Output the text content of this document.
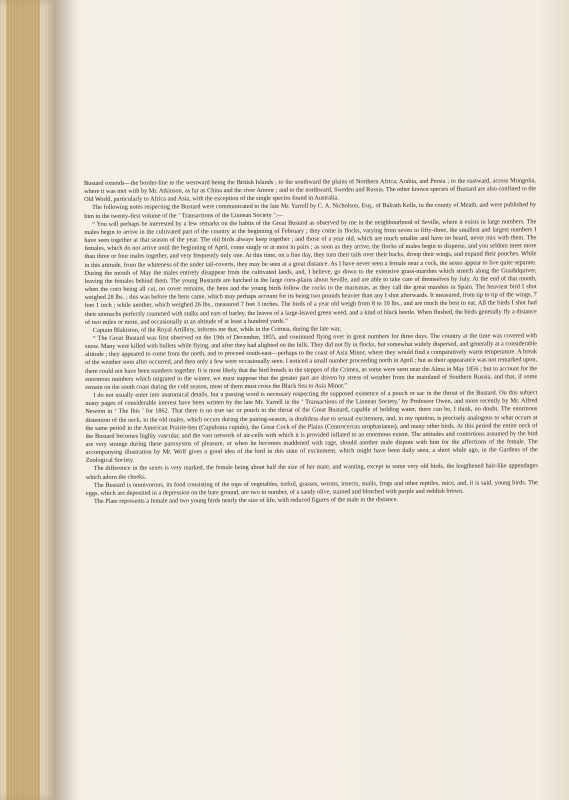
Bustard extends—the border-line to the westward being the British Islands ; to the southward the plains of Northern Africa, Arabia, and Persia ; to the eastward, across Mongolia, where it was met with by Mr. Atkinson, as far as China and the river Amoor ; and to the northward, Sweden and Russia. The other known species of Bustard are also confined to the Old World, particularly to Africa and Asia, with the exception of the single species found in Australia.

The following notes respecting the Bustard were communicated to the late Mr. Yarrell by C. A. Nicholson, Esq., of Balrath Kells, in the county of Meath, and were published by him in the twenty-first volume of the ‘ Transactions of the Linnean Society ’:—

“ You will perhaps be interested by a few remarks on the habits of the Great Bustard as observed by me in the neighbourhood of Seville, where it exists in large numbers. The males begin to arrive in the cultivated part of the country at the beginning of February ; they come in flocks, varying from seven to fifty-three, the smallest and largest numbers I have seen together at that season of the year. The old birds always keep together ; and those of a year old, which are much smaller and have no beard, never mix with them. The females, which do not arrive until the beginning of April, come singly or at most in pairs ; as soon as they arrive, the flocks of males begin to disperse, and you seldom meet more than three or four males together, and very frequently only one. At this time, on a fine day, they turn their tails over their backs, droop their wings, and expand their pouches. While in this attitude, from the whiteness of the under tail-coverts, they may be seen at a great distance. As I have never seen a female near a cock, the sexes appear to live quite separate. During the month of May the males entirely disappear from the cultivated lands, and, I believe, go down to the extensive grass-marshes which stretch along the Guadalquiver, leaving the females behind them. The young Bustards are hatched in the large corn-plains about Seville, and are able to take care of themselves by July. At the end of that month, when the corn being all cut, no cover remains, the hens and the young birds follow the cocks to the marismas, as they call the great marshes in Spain. The heaviest bird I shot weighed 28 lbs. ; this was before the hens came, which may perhaps account for its being two pounds heavier than any I shot afterwards. It measured, from tip to tip of the wings, 7 feet 1 inch ; while another, which weighed 26 lbs., measured 7 feet 3 inches. The birds of a year old weigh from 8 to 10 lbs., and are much the best to eat. All the birds I shot had their stomachs perfectly crammed with stalks and ears of barley, the leaves of a large-leaved green weed, and a kind of black beetle. When flushed, the birds generally fly a distance of two miles or more, and occasionally at an altitude of at least a hundred yards.”

Captain Blakiston, of the Royal Artillery, informs me that, while in the Crimea, during the late war,

“ The Great Bustard was first observed on the 19th of December, 1855, and continued flying over in great numbers for three days. The country at the time was covered with snow. Many were killed with bullets while flying, and after they had alighted on the hills. They did not fly in flocks, but somewhat widely dispersed, and generally at a considerable altitude ; they appeared to come from the north, and to proceed south-east—perhaps to the coast of Asia Minor, where they would find a comparatively warm temperature. A break of the weather soon after occurred, and then only a few were occasionally seen. I noticed a small number proceeding north in April ; but as their appearance was not remarked upon, there could not have been numbers together. It is most likely that the bird breeds in the steppes of the Crimea, as some were seen near the Alma in May 1856 ; but to account for the enormous numbers which migrated in the winter, we must suppose that the greater part are driven by stress of weather from the mainland of Southern Russia, and that, if some remain on the south coast during the cold season, most of them must cross the Black Sea to Asia Minor.”

I do not usually enter into anatomical details, but a passing word is necessary respecting the supposed existence of a pouch or sac in the throat of the Bustard. On this subject many pages of considerable interest have been written by the late Mr. Yarrell in the ‘ Transactions of the Linnean Society,’ by Professor Owen, and more recently by Mr. Alfred Newton in ‘ The Ibis ’ for 1862. That there is no true sac or pouch in the throat of the Great Bustard, capable of holding water, there can be, I think, no doubt. The enormous distention of the neck, in the old males, which occurs during the pairing-season, is doubtless due to sexual excitement, and, in my opinion, is precisely analogous to what occurs at the same period in the American Prairie-hen (Cupidonia cupido), the Great Cock of the Plains (Centrocercus urophasianus), and many other birds. At this period the entire neck of the Bustard becomes highly vascular, and the vast network of air-cells with which it is provided inflated to an enormous extent. The attitudes and contortions assumed by the bird are very strange during these paroxysms of pleasure, or when he becomes maddened with rage, should another male dispute with him for the affections of the female. The accompanying illustration by Mr. Wolf gives a good idea of the bird in this state of excitement, which might have been daily seen, a short while ago, in the Gardens of the Zoological Society.

The difference in the sexes is very marked, the female being about half the size of her mate, and wanting, except in some very old birds, the lengthened hair-like appendages which adorn the cheeks.

The Bustard is omnivorous, its food consisting of the tops of vegetables, trefoil, grasses, worms, insects, snails, frogs and other reptiles, mice, and, it is said, young birds. The eggs, which are deposited in a depression on the bare ground, are two in number, of a sandy olive, stained and blotched with purple and reddish brown.

The Plate represents a female and two young birds nearly the size of life, with reduced figures of the male in the distance.
